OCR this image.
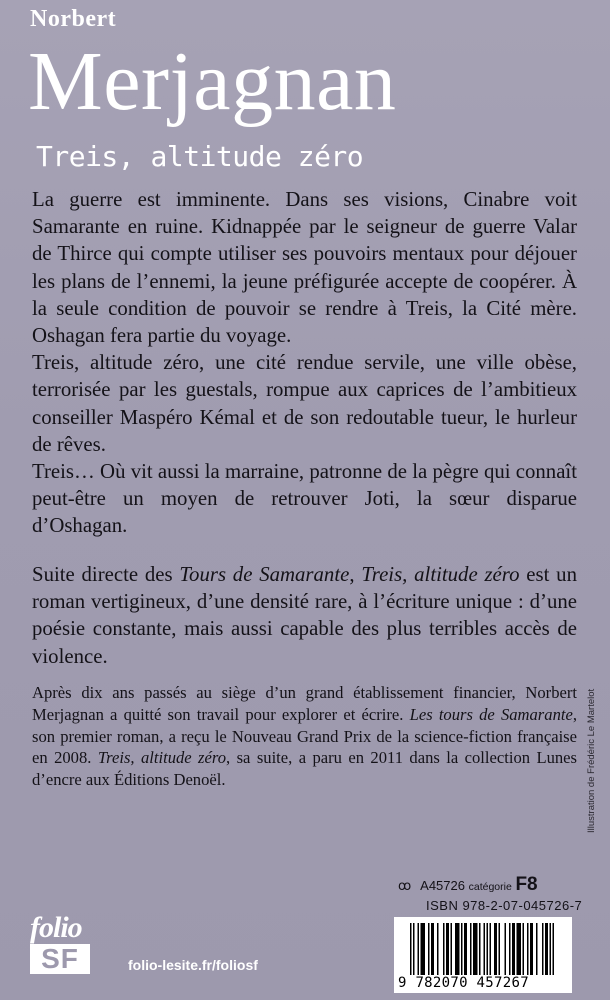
Norbert
Merjagnan
Treis, altitude zéro

La guerre est imminente. Dans ses visions, Cinabre voit Samarante en ruine. Kidnappée par le seigneur de guerre Valar de Thirce qui compte utiliser ses pouvoirs mentaux pour déjouer les plans de l’ennemi, la jeune préfigurée accepte de coopérer. À la seule condition de pouvoir se rendre à Treis, la Cité mère. Oshagan fera partie du voyage.

Treis, altitude zéro, une cité rendue servile, une ville obèse, terrorisée par les guestals, rompue aux caprices de l’ambitieux conseiller Maspéro Kémal et de son redoutable tueur, le hurleur de rêves.

Treis… Où vit aussi la marraine, patronne de la pègre qui connaît peut-être un moyen de retrouver Joti, la sœur disparue d’Oshagan.

Suite directe des Tours de Samarante, Treis, altitude zéro est un roman vertigineux, d’une densité rare, à l’écriture unique : d’une poésie constante, mais aussi capable des plus terribles accès de violence.

Après dix ans passés au siège d’un grand établissement financier, Norbert Merjagnan a quitté son travail pour explorer et écrire. Les tours de Samarante, son premier roman, a reçu le Nouveau Grand Prix de la science-fiction française en 2008. Treis, altitude zéro, sa suite, a paru en 2011 dans la collection Lunes d’encre aux Éditions Denoël.	Illustration de Frédéric Le Martelot
folio
SF	folio-lesite.fr/foliosf
ꝏ A45726 catégorie F8
ISBN 978-2-07-045726-7
9 782070 457267
